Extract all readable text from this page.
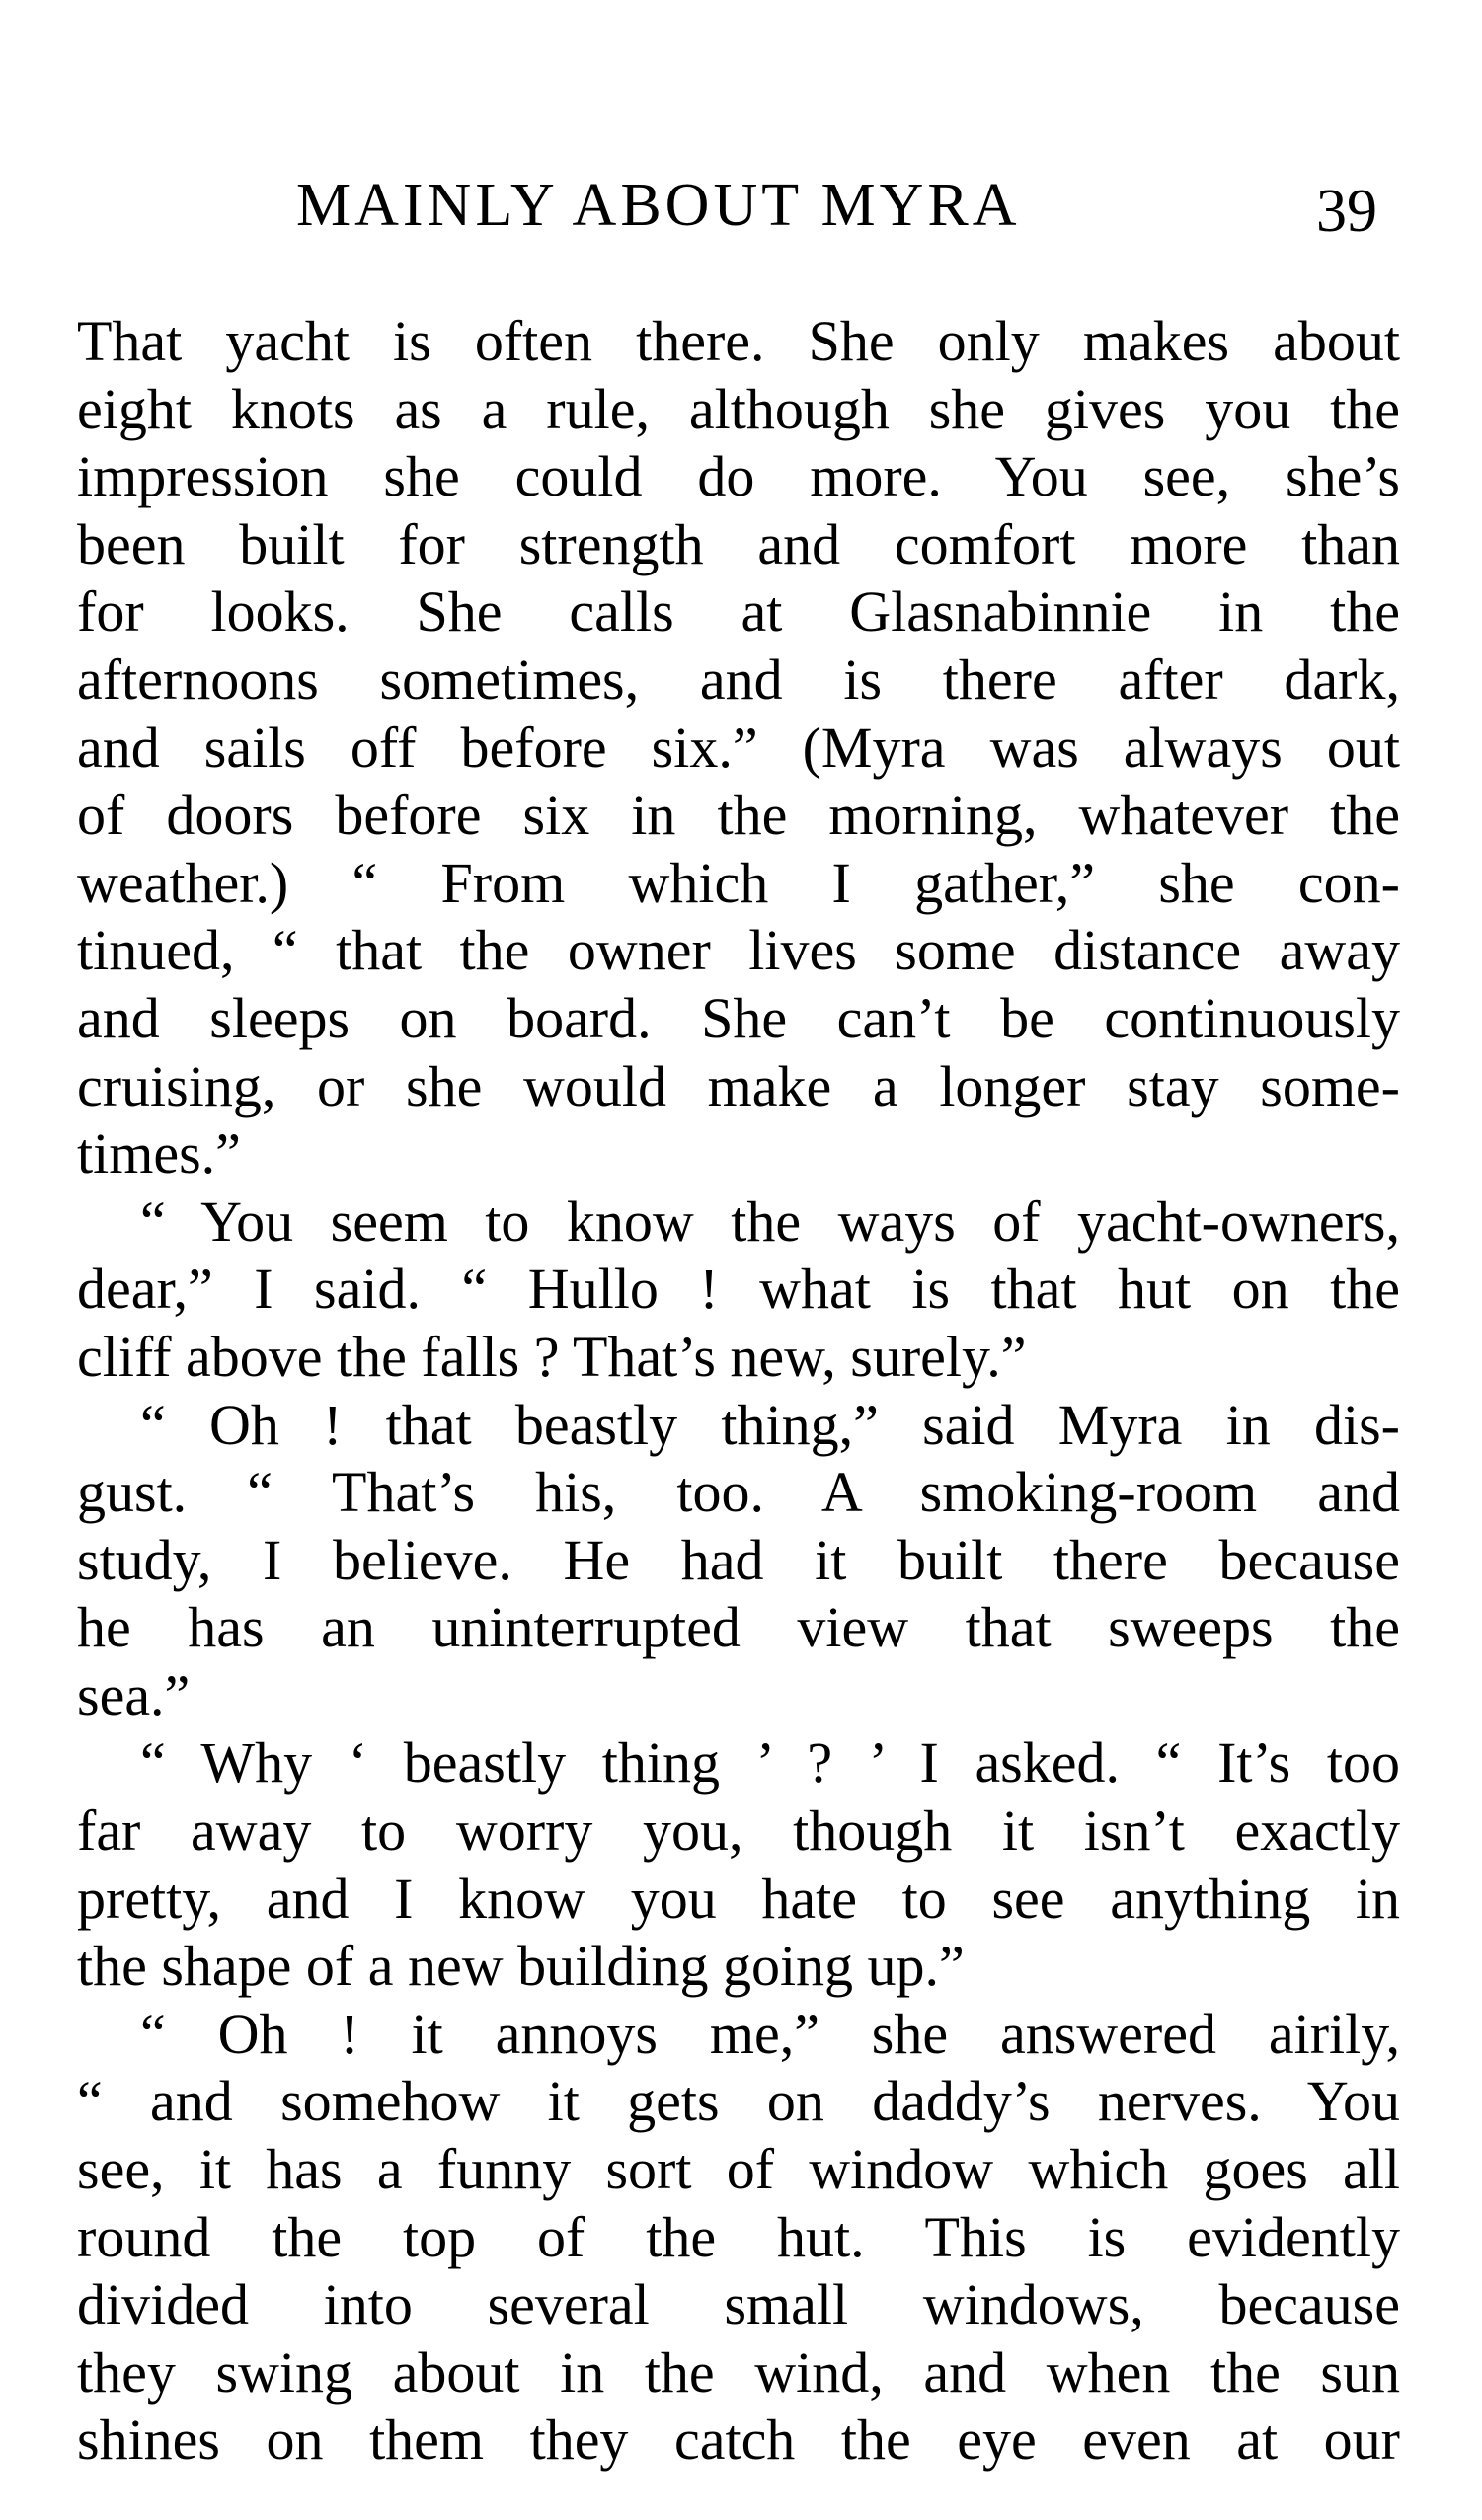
MAINLY ABOUT MYRA	39
That yacht is often there. She only makes about
eight knots as a rule, although she gives you the
impression she could do more. You see, she’s
been built for strength and comfort more than
for looks. She calls at Glasnabinnie in the
afternoons sometimes, and is there after dark,
and sails off before six.” (Myra was always out
of doors before six in the morning, whatever the
weather.) “ From which I gather,” she con-
tinued, “ that the owner lives some distance away
and sleeps on board. She can’t be continuously
cruising, or she would make a longer stay some-
times.”
“ You seem to know the ways of yacht-owners,
dear,” I said. “ Hullo ! what is that hut on the
cliff above the falls ? That’s new, surely.”
“ Oh ! that beastly thing,” said Myra in dis-
gust. “ That’s his, too. A smoking-room and
study, I believe. He had it built there because
he has an uninterrupted view that sweeps the
sea.”
“ Why ‘ beastly thing ’ ? ’ I asked. “ It’s too
far away to worry you, though it isn’t exactly
pretty, and I know you hate to see anything in
the shape of a new building going up.”
“ Oh ! it annoys me,” she answered airily,
“ and somehow it gets on daddy’s nerves. You
see, it has a funny sort of window which goes all
round the top of the hut. This is evidently
divided into several small windows, because
they swing about in the wind, and when the sun
shines on them they catch the eye even at our
